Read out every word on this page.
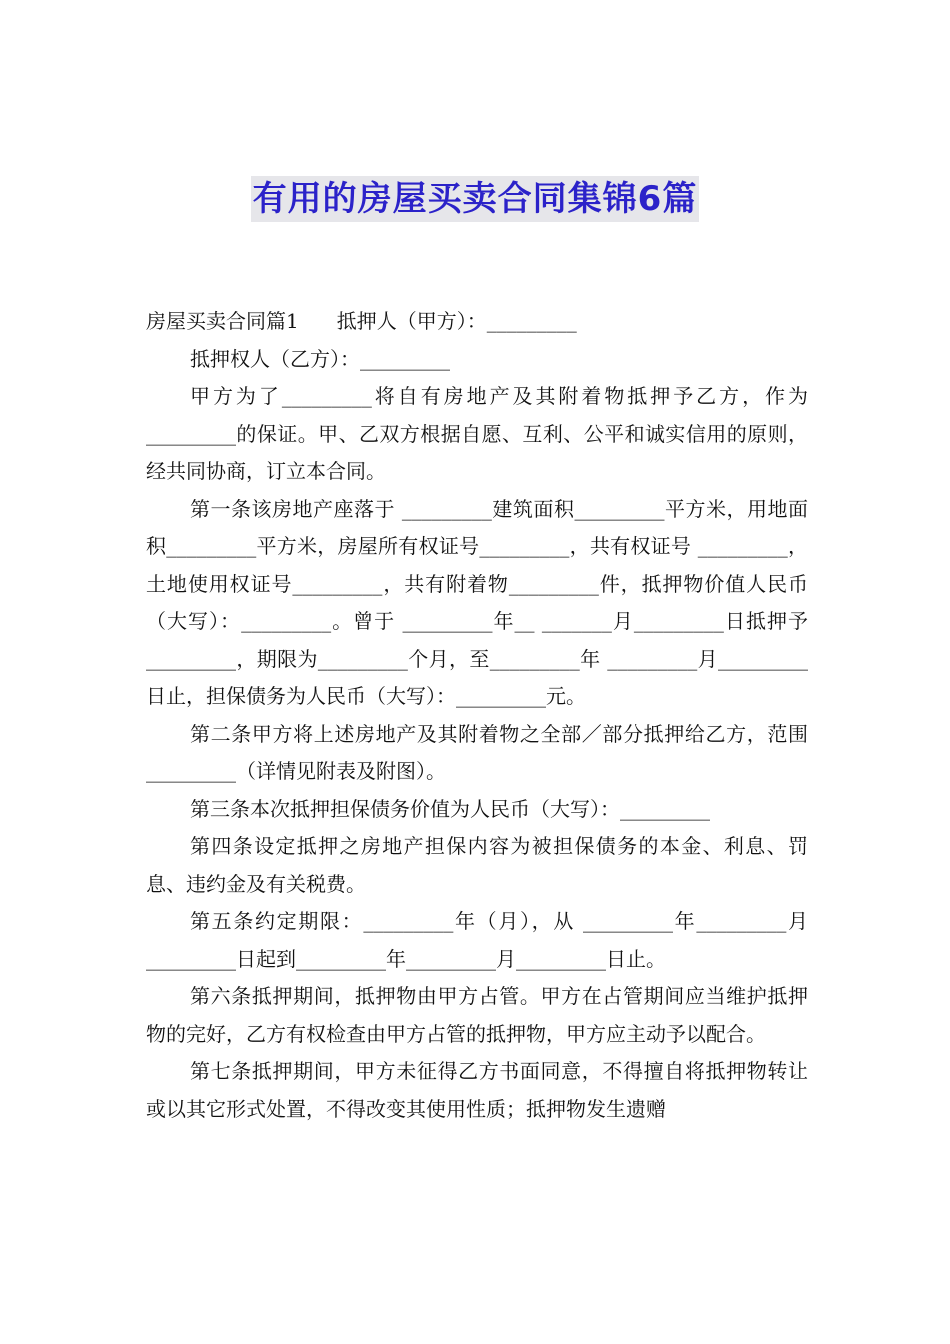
有用的房屋买卖合同集锦6篇

房屋买卖合同篇1 抵押人（甲方）：_________

抵押权人（乙方）：_________

甲方为了_________将自有房地产及其附着物抵押予乙方，作为_________的保证。甲、乙双方根据自愿、互利、公平和诚实信用的原则，经共同协商，订立本合同。

第一条该房地产座落于 _________建筑面积_________平方米，用地面积_________平方米，房屋所有权证号_________，共有权证号 _________，土地使用权证号_________，共有附着物_________件，抵押物价值人民币（大写）：_________。曾于 _________年__ _______月_________日抵押予_________，期限为_________个月，至_________年 _________月_________日止，担保债务为人民币（大写）：_________元。

第二条甲方将上述房地产及其附着物之全部／部分抵押给乙方，范围_________（详情见附表及附图）。

第三条本次抵押担保债务价值为人民币（大写）：_________

第四条设定抵押之房地产担保内容为被担保债务的本金、利息、罚息、违约金及有关税费。

第五条约定期限：_________年（月），从 _________年_________月_________日起到_________年_________月_________日止。

第六条抵押期间，抵押物由甲方占管。甲方在占管期间应当维护抵押物的完好，乙方有权检查由甲方占管的抵押物，甲方应主动予以配合。

第七条抵押期间，甲方未征得乙方书面同意，不得擅自将抵押物转让或以其它形式处置，不得改变其使用性质；抵押物发生遗赠
